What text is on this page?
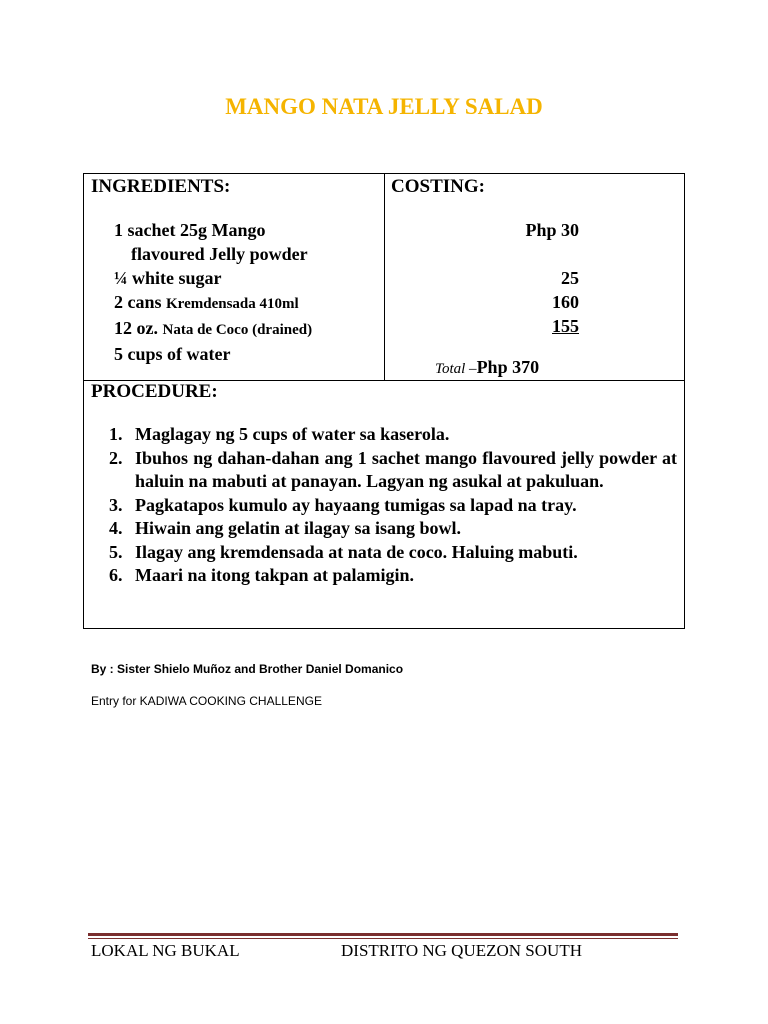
MANGO NATA JELLY SALAD
INGREDIENTS:
1 sachet 25g Mango
flavoured Jelly powder
¼ white sugar
2 cans Kremdensada 410ml
12 oz. Nata de Coco (drained)
5 cups of water
COSTING:
Php 30
25
160
155
Total –Php 370
PROCEDURE:
1. Maglagay ng 5 cups of water sa kaserola.
2. Ibuhos ng dahan-dahan ang 1 sachet mango flavoured jelly powder at haluin na mabuti at panayan. Lagyan ng asukal at pakuluan.
3. Pagkatapos kumulo ay hayaang tumigas sa lapad na tray.
4. Hiwain ang gelatin at ilagay sa isang bowl.
5. Ilagay ang kremdensada at nata de coco. Haluing mabuti.
6. Maari na itong takpan at palamigin.
By : Sister Shielo Muñoz and Brother Daniel Domanico
Entry for KADIWA COOKING CHALLENGE
LOKAL NG BUKAL	DISTRITO NG QUEZON SOUTH
